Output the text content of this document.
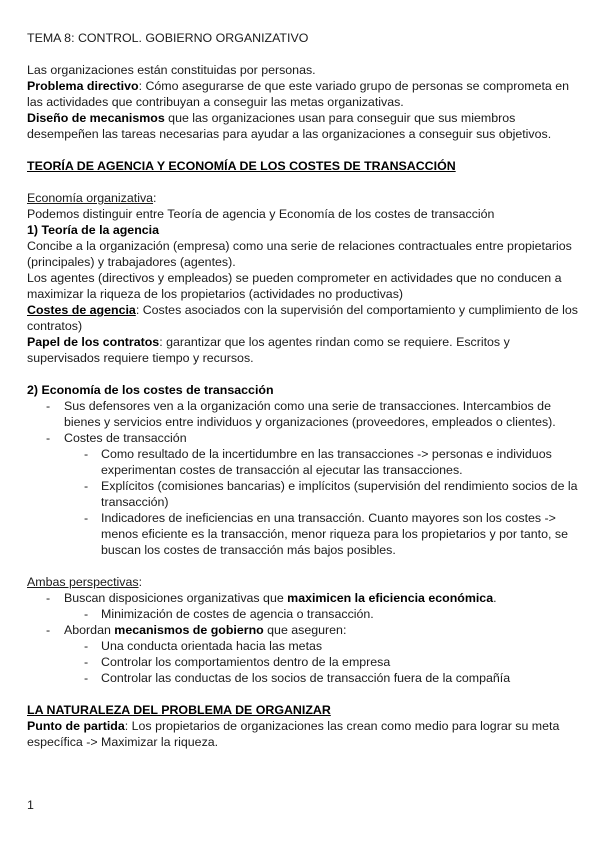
TEMA 8: CONTROL. GOBIERNO ORGANIZATIVO

Las organizaciones están constituidas por personas.

Problema directivo: Cómo asegurarse de que este variado grupo de personas se comprometa en las actividades que contribuyan a conseguir las metas organizativas.

Diseño de mecanismos que las organizaciones usan para conseguir que sus miembros desempeñen las tareas necesarias para ayudar a las organizaciones a conseguir sus objetivos.

TEORÍA DE AGENCIA Y ECONOMÍA DE LOS COSTES DE TRANSACCIÓN

Economía organizativa:

Podemos distinguir entre Teoría de agencia y Economía de los costes de transacción

1) Teoría de la agencia

Concibe a la organización (empresa) como una serie de relaciones contractuales entre propietarios (principales) y trabajadores (agentes).

Los agentes (directivos y empleados) se pueden comprometer en actividades que no conducen a maximizar la riqueza de los propietarios (actividades no productivas)

Costes de agencia: Costes asociados con la supervisión del comportamiento y cumplimiento de los contratos)

Papel de los contratos: garantizar que los agentes rindan como se requiere. Escritos y supervisados requiere tiempo y recursos.

2) Economía de los costes de transacción

- Sus defensores ven a la organización como una serie de transacciones. Intercambios de bienes y servicios entre individuos y organizaciones (proveedores, empleados o clientes).

- Costes de transacción

- Como resultado de la incertidumbre en las transacciones -> personas e individuos experimentan costes de transacción al ejecutar las transacciones.

- Explícitos (comisiones bancarias) e implícitos (supervisión del rendimiento socios de la transacción)

- Indicadores de ineficiencias en una transacción. Cuanto mayores son los costes -> menos eficiente es la transacción, menor riqueza para los propietarios y por tanto, se buscan los costes de transacción más bajos posibles.

Ambas perspectivas:

- Buscan disposiciones organizativas que maximicen la eficiencia económica.

- Minimización de costes de agencia o transacción.

- Abordan mecanismos de gobierno que aseguren:

- Una conducta orientada hacia las metas

- Controlar los comportamientos dentro de la empresa

- Controlar las conductas de los socios de transacción fuera de la compañía

LA NATURALEZA DEL PROBLEMA DE ORGANIZAR

Punto de partida: Los propietarios de organizaciones las crean como medio para lograr su meta específica -> Maximizar la riqueza.

1
